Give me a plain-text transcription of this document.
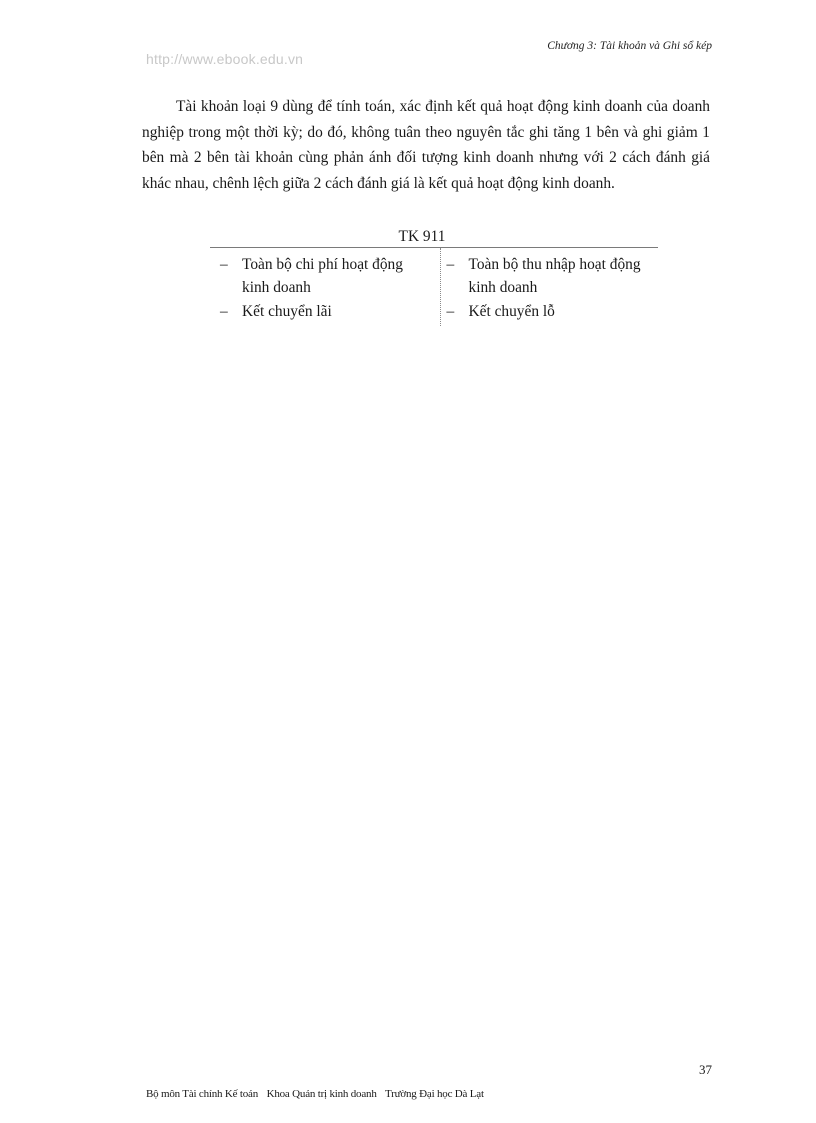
http://www.ebook.edu.vn
Chương 3: Tài khoản và Ghi sổ kép

Tài khoản loại 9 dùng để tính toán, xác định kết quả hoạt động kinh doanh của doanh nghiệp trong một thời kỳ; do đó, không tuân theo nguyên tắc ghi tăng 1 bên và ghi giảm 1 bên mà 2 bên tài khoản cùng phản ánh đối tượng kinh doanh nhưng với 2 cách đánh giá khác nhau, chênh lệch giữa 2 cách đánh giá là kết quả hoạt động kinh doanh.

TK 911
– Toàn bộ chi phí hoạt động kinh doanh
– Kết chuyển lãi
– Toàn bộ thu nhập hoạt động kinh doanh
– Kết chuyển lỗ
37
Bộ môn Tài chính Kế toán Khoa Quản trị kinh doanh Trường Đại học Dà Lạt
